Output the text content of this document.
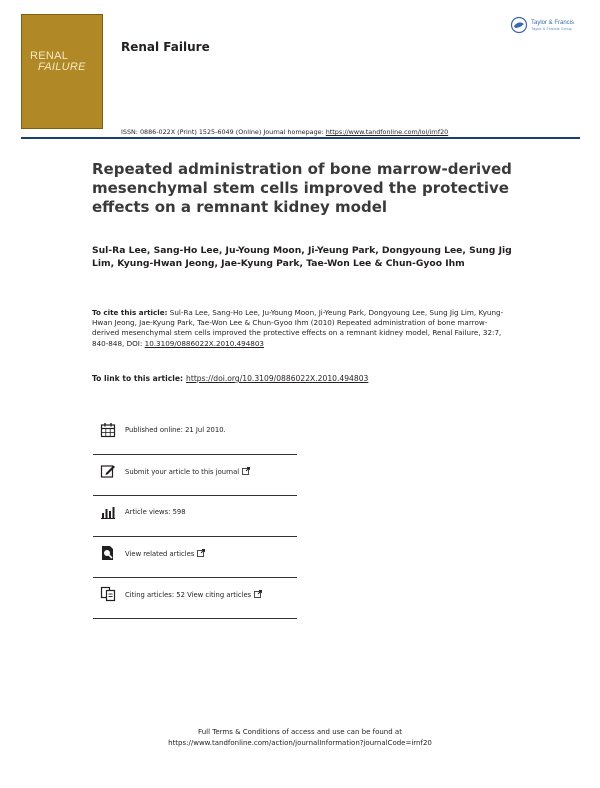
RENAL
FAILURE
Renal Failure
Taylor & Francis
Taylor & Francis Group
ISSN: 0886-022X (Print) 1525-6049 (Online) Journal homepage: https://www.tandfonline.com/loi/irnf20
Repeated administration of bone marrow-derived mesenchymal stem cells improved the protective effects on a remnant kidney model
Sul-Ra Lee, Sang-Ho Lee, Ju-Young Moon, Ji-Yeung Park, Dongyoung Lee, Sung Jig Lim, Kyung-Hwan Jeong, Jae-Kyung Park, Tae-Won Lee & Chun-Gyoo Ihm
To cite this article: Sul-Ra Lee, Sang-Ho Lee, Ju-Young Moon, Ji-Yeung Park, Dongyoung Lee, Sung Jig Lim, Kyung-Hwan Jeong, Jae-Kyung Park, Tae-Won Lee & Chun-Gyoo Ihm (2010) Repeated administration of bone marrow-derived mesenchymal stem cells improved the protective effects on a remnant kidney model, Renal Failure, 32:7, 840-848, DOI: 10.3109/0886022X.2010.494803
To link to this article: https://doi.org/10.3109/0886022X.2010.494803
Published online: 21 Jul 2010.
Submit your article to this journal
Article views: 598
View related articles
Citing articles: 52 View citing articles
Full Terms & Conditions of access and use can be found at
https://www.tandfonline.com/action/journalInformation?journalCode=irnf20
